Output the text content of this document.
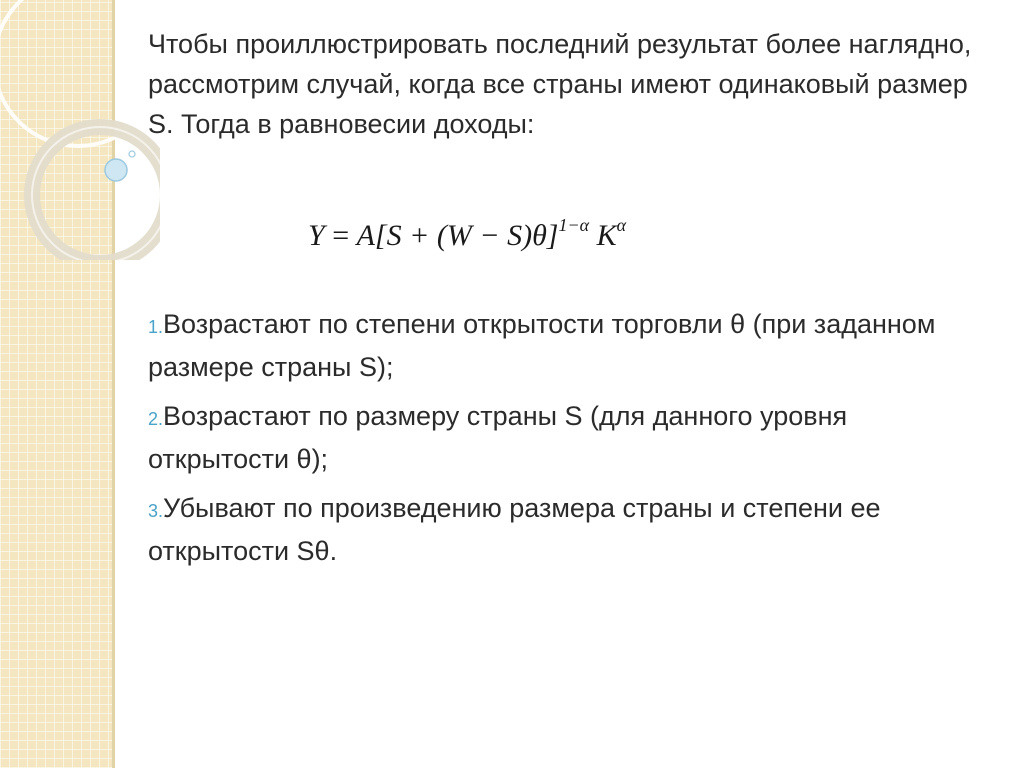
Чтобы проиллюстрировать последний результат более наглядно, рассмотрим случай, когда все страны имеют одинаковый размер S. Тогда в равновесии доходы:

$Y = A[S + (W - S)\theta]^{1-\alpha}$ $K^\alpha$
1.Возрастают по степени открытости торговли θ (при заданном размере страны S);
2.Возрастают по размеру страны S (для данного уровня открытости θ);
3.Убывают по произведению размера страны и степени ее открытости Sθ.
